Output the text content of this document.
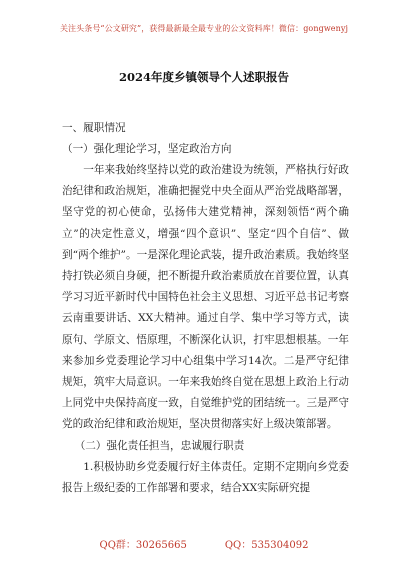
关注头条号“公文研究”，获得最新最全最专业的公文资料库！微信：gongwenyj
2024年度乡镇领导个人述职报告
一、履职情况
（一）强化理论学习，坚定政治方向

一年来我始终坚持以党的政治建设为统领，严格执行好政治纪律和政治规矩，准确把握党中央全面从严治党战略部署，坚守党的初心使命，弘扬伟大建党精神，深刻领悟“两个确立”的决定性意义，增强“四个意识”、坚定“四个自信”、做到“两个维护”。一是深化理论武装，提升政治素质。我始终坚持打铁必须自身硬，把不断提升政治素质放在首要位置，认真学习习近平新时代中国特色社会主义思想、习近平总书记考察云南重要讲话、XX大精神。通过自学、集中学习等方式，读原句、学原文、悟原理，不断深化认识，打牢思想根基。一年来参加乡党委理论学习中心组集中学习14次。二是严守纪律规矩，筑牢大局意识。一年来我始终自觉在思想上政治上行动上同党中央保持高度一致，自觉维护党的团结统一。三是严守党的政治纪律和政治规矩，坚决贯彻落实好上级决策部署。

（二）强化责任担当，忠诚履行职责

1.积极协助乡党委履行好主体责任。定期不定期向乡党委报告上级纪委的工作部署和要求，结合XX实际研究提

QQ群：30265665	QQ：535304092
